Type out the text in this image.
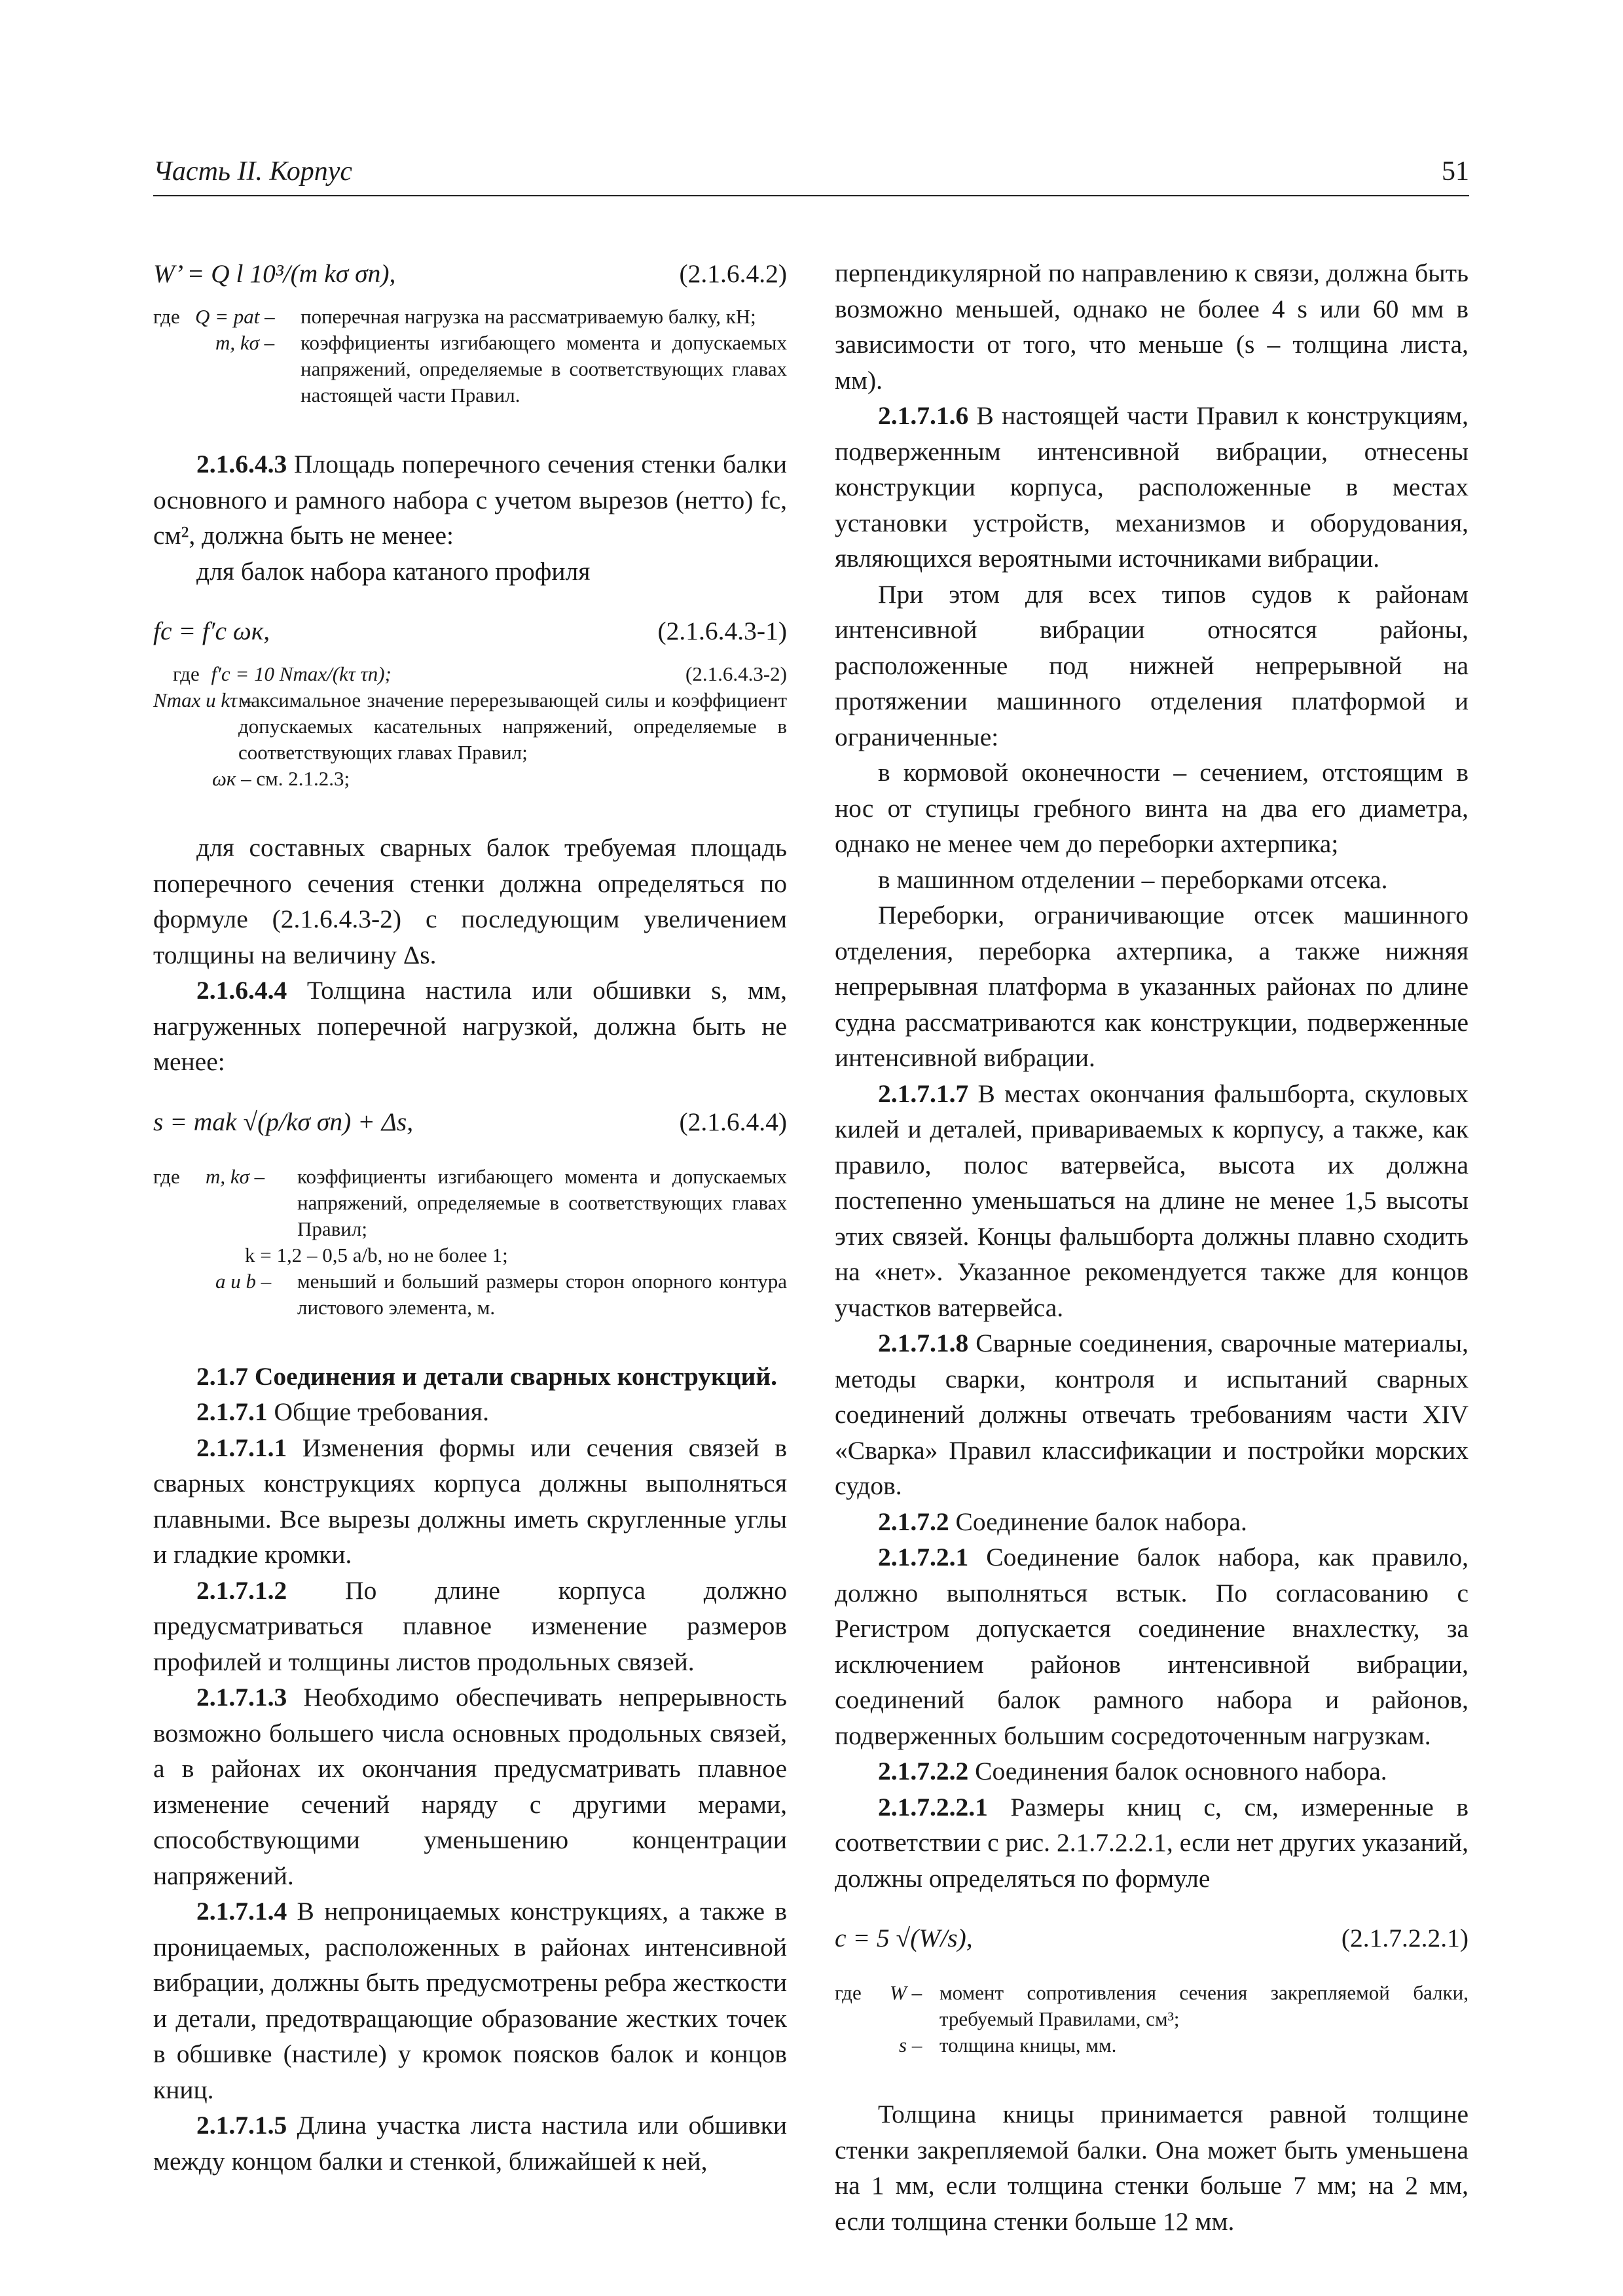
Часть II. Корпус	51
W’ = Q l 10³/(m kσ σn),	(2.1.6.4.2)
где Q = pat – поперечная нагрузка на рассматриваемую балку, кН;
m, kσ – коэффициенты изгибающего момента и допускаемых напряжений, определяемые в соответствующих главах настоящей части Правил.

2.1.6.4.3 Площадь поперечного сечения стенки балки основного и рамного набора с учетом вырезов (нетто) fc, см², должна быть не менее:

для балок набора катаного профиля

fc = f′c ωк,	(2.1.6.4.3-1)
где f′c = 10 Nmax/(kτ τn);	(2.1.6.4.3-2)
Nmax и kτ –
максимальное значение перерезывающей силы и коэффициент допускаемых касательных напряжений, определяемые в соответствующих главах Правил;
ωк – см. 2.1.2.3;

для составных сварных балок требуемая площадь поперечного сечения стенки должна определяться по формуле (2.1.6.4.3-2) с последующим увеличением толщины на величину Δs.

2.1.6.4.4 Толщина настила или обшивки s, мм, нагруженных поперечной нагрузкой, должна быть не менее:

s = mak √(p/kσ σn) + Δs,	(2.1.6.4.4)
где m, kσ – коэффициенты изгибающего момента и допускаемых напряжений, определяемые в соответствующих главах Правил;
k = 1,2 – 0,5 a/b, но не более 1;
a и b – меньший и больший размеры сторон опорного контура листового элемента, м.

2.1.7 Соединения и детали сварных конструкций.

2.1.7.1 Общие требования.

2.1.7.1.1 Изменения формы или сечения связей в сварных конструкциях корпуса должны выполняться плавными. Все вырезы должны иметь скругленные углы и гладкие кромки.

2.1.7.1.2 По длине корпуса должно предусматриваться плавное изменение размеров профилей и толщины листов продольных связей.

2.1.7.1.3 Необходимо обеспечивать непрерывность возможно большего числа основных продольных связей, а в районах их окончания предусматривать плавное изменение сечений наряду с другими мерами, способствующими уменьшению концентрации напряжений.

2.1.7.1.4 В непроницаемых конструкциях, а также в проницаемых, расположенных в районах интенсивной вибрации, должны быть предусмотрены ребра жесткости и детали, предотвращающие образование жестких точек в обшивке (настиле) у кромок поясков балок и концов книц.

2.1.7.1.5 Длина участка листа настила или обшивки между концом балки и стенкой, ближайшей к ней,

перпендикулярной по направлению к связи, должна быть возможно меньшей, однако не более 4 s или 60 мм в зависимости от того, что меньше (s – толщина листа, мм).

2.1.7.1.6 В настоящей части Правил к конструкциям, подверженным интенсивной вибрации, отнесены конструкции корпуса, расположенные в местах установки устройств, механизмов и оборудования, являющихся вероятными источниками вибрации.

При этом для всех типов судов к районам интенсивной вибрации относятся районы, расположенные под нижней непрерывной на протяжении машинного отделения платформой и ограниченные:

в кормовой оконечности – сечением, отстоящим в нос от ступицы гребного винта на два его диаметра, однако не менее чем до переборки ахтерпика;

в машинном отделении – переборками отсека.

Переборки, ограничивающие отсек машинного отделения, переборка ахтерпика, а также нижняя непрерывная платформа в указанных районах по длине судна рассматриваются как конструкции, подверженные интенсивной вибрации.

2.1.7.1.7 В местах окончания фальшборта, скуловых килей и деталей, привариваемых к корпусу, а также, как правило, полос ватервейса, высота их должна постепенно уменьшаться на длине не менее 1,5 высоты этих связей. Концы фальшборта должны плавно сходить на «нет». Указанное рекомендуется также для концов участков ватервейса.

2.1.7.1.8 Сварные соединения, сварочные материалы, методы сварки, контроля и испытаний сварных соединений должны отвечать требованиям части XIV «Сварка» Правил классификации и постройки морских судов.

2.1.7.2 Соединение балок набора.

2.1.7.2.1 Соединение балок набора, как правило, должно выполняться встык. По согласованию с Регистром допускается соединение внахлестку, за исключением районов интенсивной вибрации, соединений балок рамного набора и районов, подверженных большим сосредоточенным нагрузкам.

2.1.7.2.2 Соединения балок основного набора.

2.1.7.2.2.1 Размеры книц c, см, измеренные в соответствии с рис. 2.1.7.2.2.1, если нет других указаний, должны определяться по формуле

c = 5 √(W/s),	(2.1.7.2.2.1)
где W – момент сопротивления сечения закрепляемой балки, требуемый Правилами, см³;
s – толщина кницы, мм.

Толщина кницы принимается равной толщине стенки закрепляемой балки. Она может быть уменьшена на 1 мм, если толщина стенки больше 7 мм; на 2 мм, если толщина стенки больше 12 мм.
